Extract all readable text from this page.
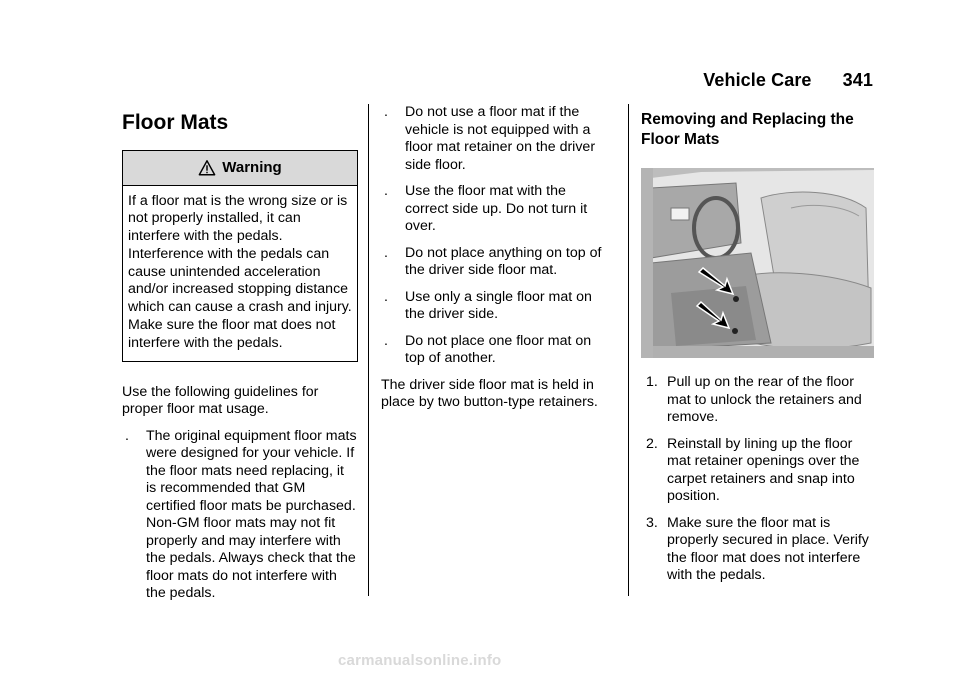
Vehicle Care 341
Floor Mats
Warning
If a floor mat is the wrong size or is not properly installed, it can interfere with the pedals. Interference with the pedals can cause unintended acceleration and/or increased stopping distance which can cause a crash and injury. Make sure the floor mat does not interfere with the pedals.

Use the following guidelines for proper floor mat usage.

. The original equipment floor mats were designed for your vehicle. If the floor mats need replacing, it is recommended that GM certified floor mats be purchased. Non-GM floor mats may not fit properly and may interfere with the pedals. Always check that the floor mats do not interfere with the pedals.
. Do not use a floor mat if the vehicle is not equipped with a floor mat retainer on the driver side floor.
. Use the floor mat with the correct side up. Do not turn it over.
. Do not place anything on top of the driver side floor mat.
. Use only a single floor mat on the driver side.
. Do not place one floor mat on top of another.

The driver side floor mat is held in place by two button-type retainers.

Removing and Replacing the Floor Mats
1. Pull up on the rear of the floor mat to unlock the retainers and remove.
2. Reinstall by lining up the floor mat retainer openings over the carpet retainers and snap into position.
3. Make sure the floor mat is properly secured in place. Verify the floor mat does not interfere with the pedals.
carmanualsonline.info
